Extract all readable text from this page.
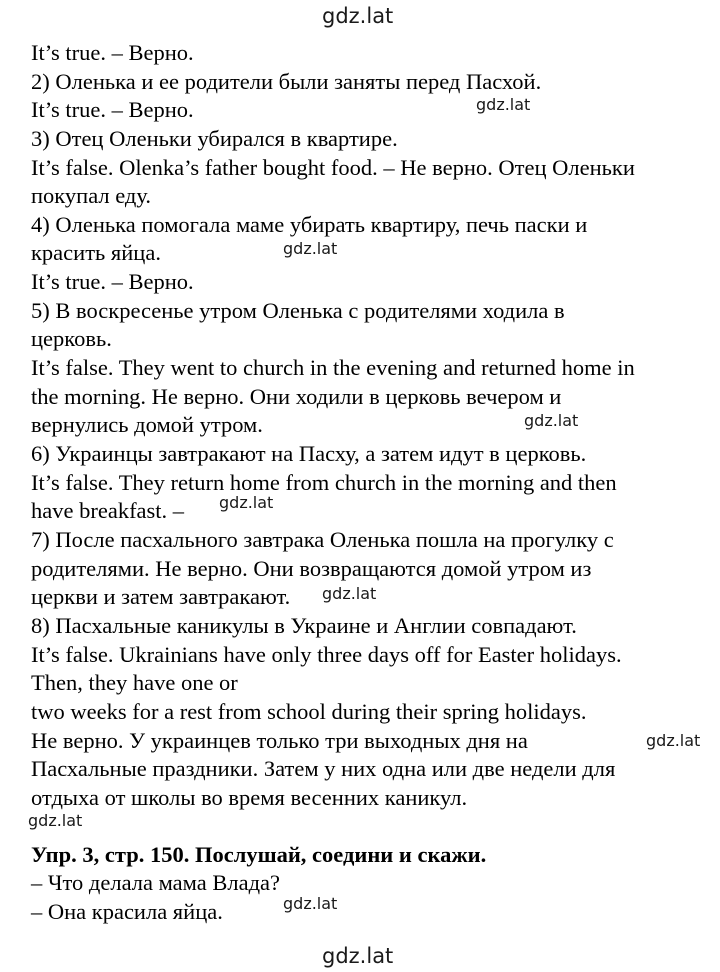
gdz.lat
gdz.lat
gdz.lat
gdz.lat
gdz.lat
gdz.lat
gdz.lat
gdz.lat
gdz.lat
gdz.lat
It’s true. – Верно.
2) Оленька и ее родители были заняты перед Пасхой.
It’s true. – Верно.
3) Отец Оленьки убирался в квартире.
It’s false. Olenka’s father bought food. – Не верно. Отец Оленьки
покупал еду.
4) Оленька помогала маме убирать квартиру, печь паски и
красить яйца.
It’s true. – Верно.
5) В воскресенье утром Оленька с родителями ходила в
церковь.
It’s false. They went to church in the evening and returned home in
the morning. Не верно. Они ходили в церковь вечером и
вернулись домой утром.
6) Украинцы завтракают на Пасху, а затем идут в церковь.
It’s false. They return home from church in the morning and then
have breakfast. –
7) После пасхального завтрака Оленька пошла на прогулку с
родителями. Не верно. Они возвращаются домой утром из
церкви и затем завтракают.
8) Пасхальные каникулы в Украине и Англии совпадают.
It’s false. Ukrainians have only three days off for Easter holidays.
Then, they have one or
two weeks for a rest from school during their spring holidays.
Не верно. У украинцев только три выходных дня на
Пасхальные праздники. Затем у них одна или две недели для
отдыха от школы во время весенних каникул.
Упр. 3, стр. 150. Послушай, соедини и скажи.
– Что делала мама Влада?
– Она красила яйца.
